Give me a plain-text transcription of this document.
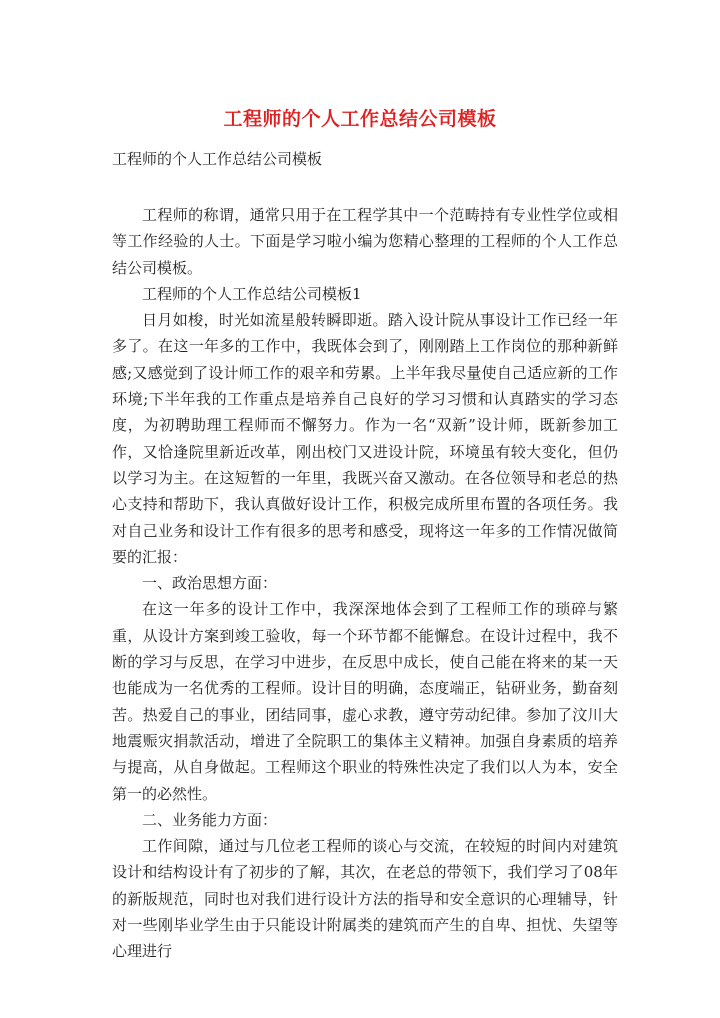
工程师的个人工作总结公司模板
工程师的个人工作总结公司模板

工程师的称谓，通常只用于在工程学其中一个范畴持有专业性学位或相等工作经验的人士。下面是学习啦小编为您精心整理的工程师的个人工作总结公司模板。

工程师的个人工作总结公司模板1

日月如梭，时光如流星般转瞬即逝。踏入设计院从事设计工作已经一年多了。在这一年多的工作中，我既体会到了，刚刚踏上工作岗位的那种新鲜感;又感觉到了设计师工作的艰辛和劳累。上半年我尽量使自己适应新的工作环境;下半年我的工作重点是培养自己良好的学习习惯和认真踏实的学习态度，为初聘助理工程师而不懈努力。作为一名“双新”设计师，既新参加工作，又恰逢院里新近改革，刚出校门又进设计院，环境虽有较大变化，但仍以学习为主。在这短暂的一年里，我既兴奋又激动。在各位领导和老总的热心支持和帮助下，我认真做好设计工作，积极完成所里布置的各项任务。我对自己业务和设计工作有很多的思考和感受，现将这一年多的工作情况做简要的汇报：

一、政治思想方面：

在这一年多的设计工作中，我深深地体会到了工程师工作的琐碎与繁重，从设计方案到竣工验收，每一个环节都不能懈怠。在设计过程中，我不断的学习与反思，在学习中进步，在反思中成长，使自己能在将来的某一天也能成为一名优秀的工程师。设计目的明确，态度端正，钻研业务，勤奋刻苦。热爱自己的事业，团结同事，虚心求教，遵守劳动纪律。参加了汶川大地震赈灾捐款活动，增进了全院职工的集体主义精神。加强自身素质的培养与提高，从自身做起。工程师这个职业的特殊性决定了我们以人为本，安全第一的必然性。

二、业务能力方面：

工作间隙，通过与几位老工程师的谈心与交流，在较短的时间内对建筑设计和结构设计有了初步的了解，其次，在老总的带领下，我们学习了08年的新版规范，同时也对我们进行设计方法的指导和安全意识的心理辅导，针对一些刚毕业学生由于只能设计附属类的建筑而产生的自卑、担忧、失望等心理进行
